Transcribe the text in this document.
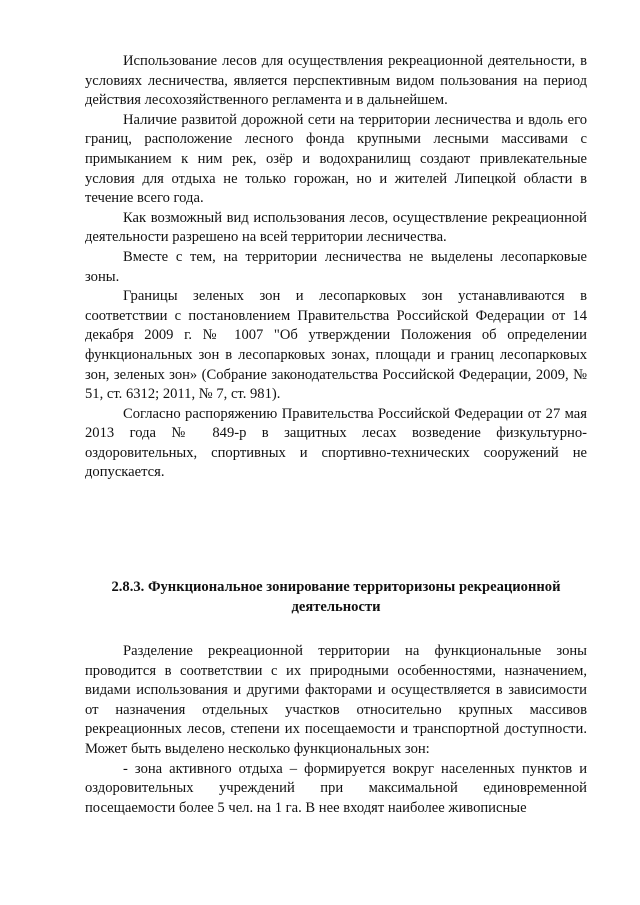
Использование лесов для осуществления рекреационной деятельности, в условиях лесничества, является перспективным видом пользования на период действия лесохозяйственного регламента и в дальнейшем.

Наличие развитой дорожной сети на территории лесничества и вдоль его границ, расположение лесного фонда крупными лесными массивами с примыканием к ним рек, озёр и водохранилищ создают привлекательные условия для отдыха не только горожан, но и жителей Липецкой области в течение всего года.

Как возможный вид использования лесов, осуществление рекреационной деятельности разрешено на всей территории лесничества.

Вместе с тем, на территории лесничества не выделены лесопарковые зоны.

Границы зеленых зон и лесопарковых зон устанавливаются в соответствии с постановлением Правительства Российской Федерации от 14 декабря 2009 г. № 1007 "Об утверждении Положения об определении функциональных зон в лесопарковых зонах, площади и границ лесопарковых зон, зеленых зон» (Собрание законодательства Российской Федерации, 2009, № 51, ст. 6312; 2011, № 7, ст. 981).

Согласно распоряжению Правительства Российской Федерации от 27 мая 2013 года № 849-р в защитных лесах возведение физкультурно-оздоровительных, спортивных и спортивно-технических сооружений не допускается.

2.8.3. Функциональное зонирование территоризоны рекреационной деятельности

Разделение рекреационной территории на функциональные зоны проводится в соответствии с их природными особенностями, назначением, видами использования и другими факторами и осуществляется в зависимости от назначения отдельных участков относительно крупных массивов рекреационных лесов, степени их посещаемости и транспортной доступности. Может быть выделено несколько функциональных зон:

- зона активного отдыха – формируется вокруг населенных пунктов и оздоровительных учреждений при максимальной единовременной посещаемости более 5 чел. на 1 га. В нее входят наиболее живописные
